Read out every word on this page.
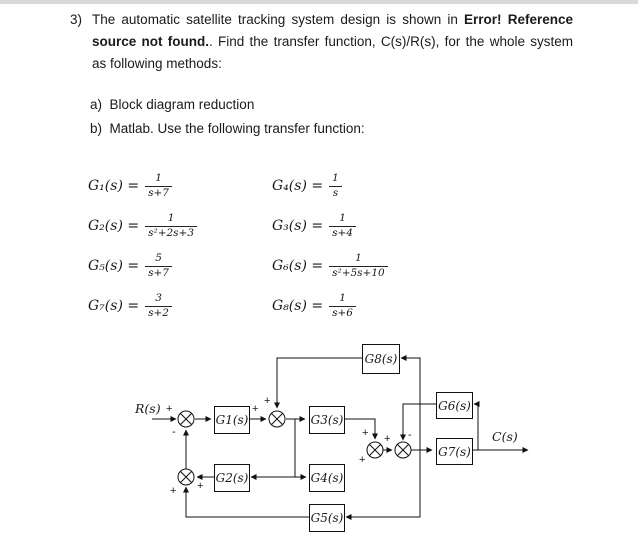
3) The automatic satellite tracking system design is shown in Error! Reference source not found.. Find the transfer function, C(s)/R(s), for the whole system as following methods:

a)  Block diagram reduction
b)  Matlab. Use the following transfer function:
$G_1(s) = \frac{1}{s+7}$	$G_4(s) = \frac{1}{s}$
$G_2(s) = \frac{1}{\text{s²+2s+3}}$	$G_3(s) = \frac{1}{s+4}$
$G_5(s) = \frac{5}{s+7}$	$G_6(s) = \frac{1}{\text{s²+5s+10}}$
$G_7(s) = \frac{3}{s+2}$	$G_8(s) = \frac{1}{s+6}$
G1(s)	G3(s)
G2(s)	G4(s)
G5(s)
G6(s)
G7(s)
G8(s)
R(s)
C(s)
+
-
+
+
+
+
+ -
+
+
